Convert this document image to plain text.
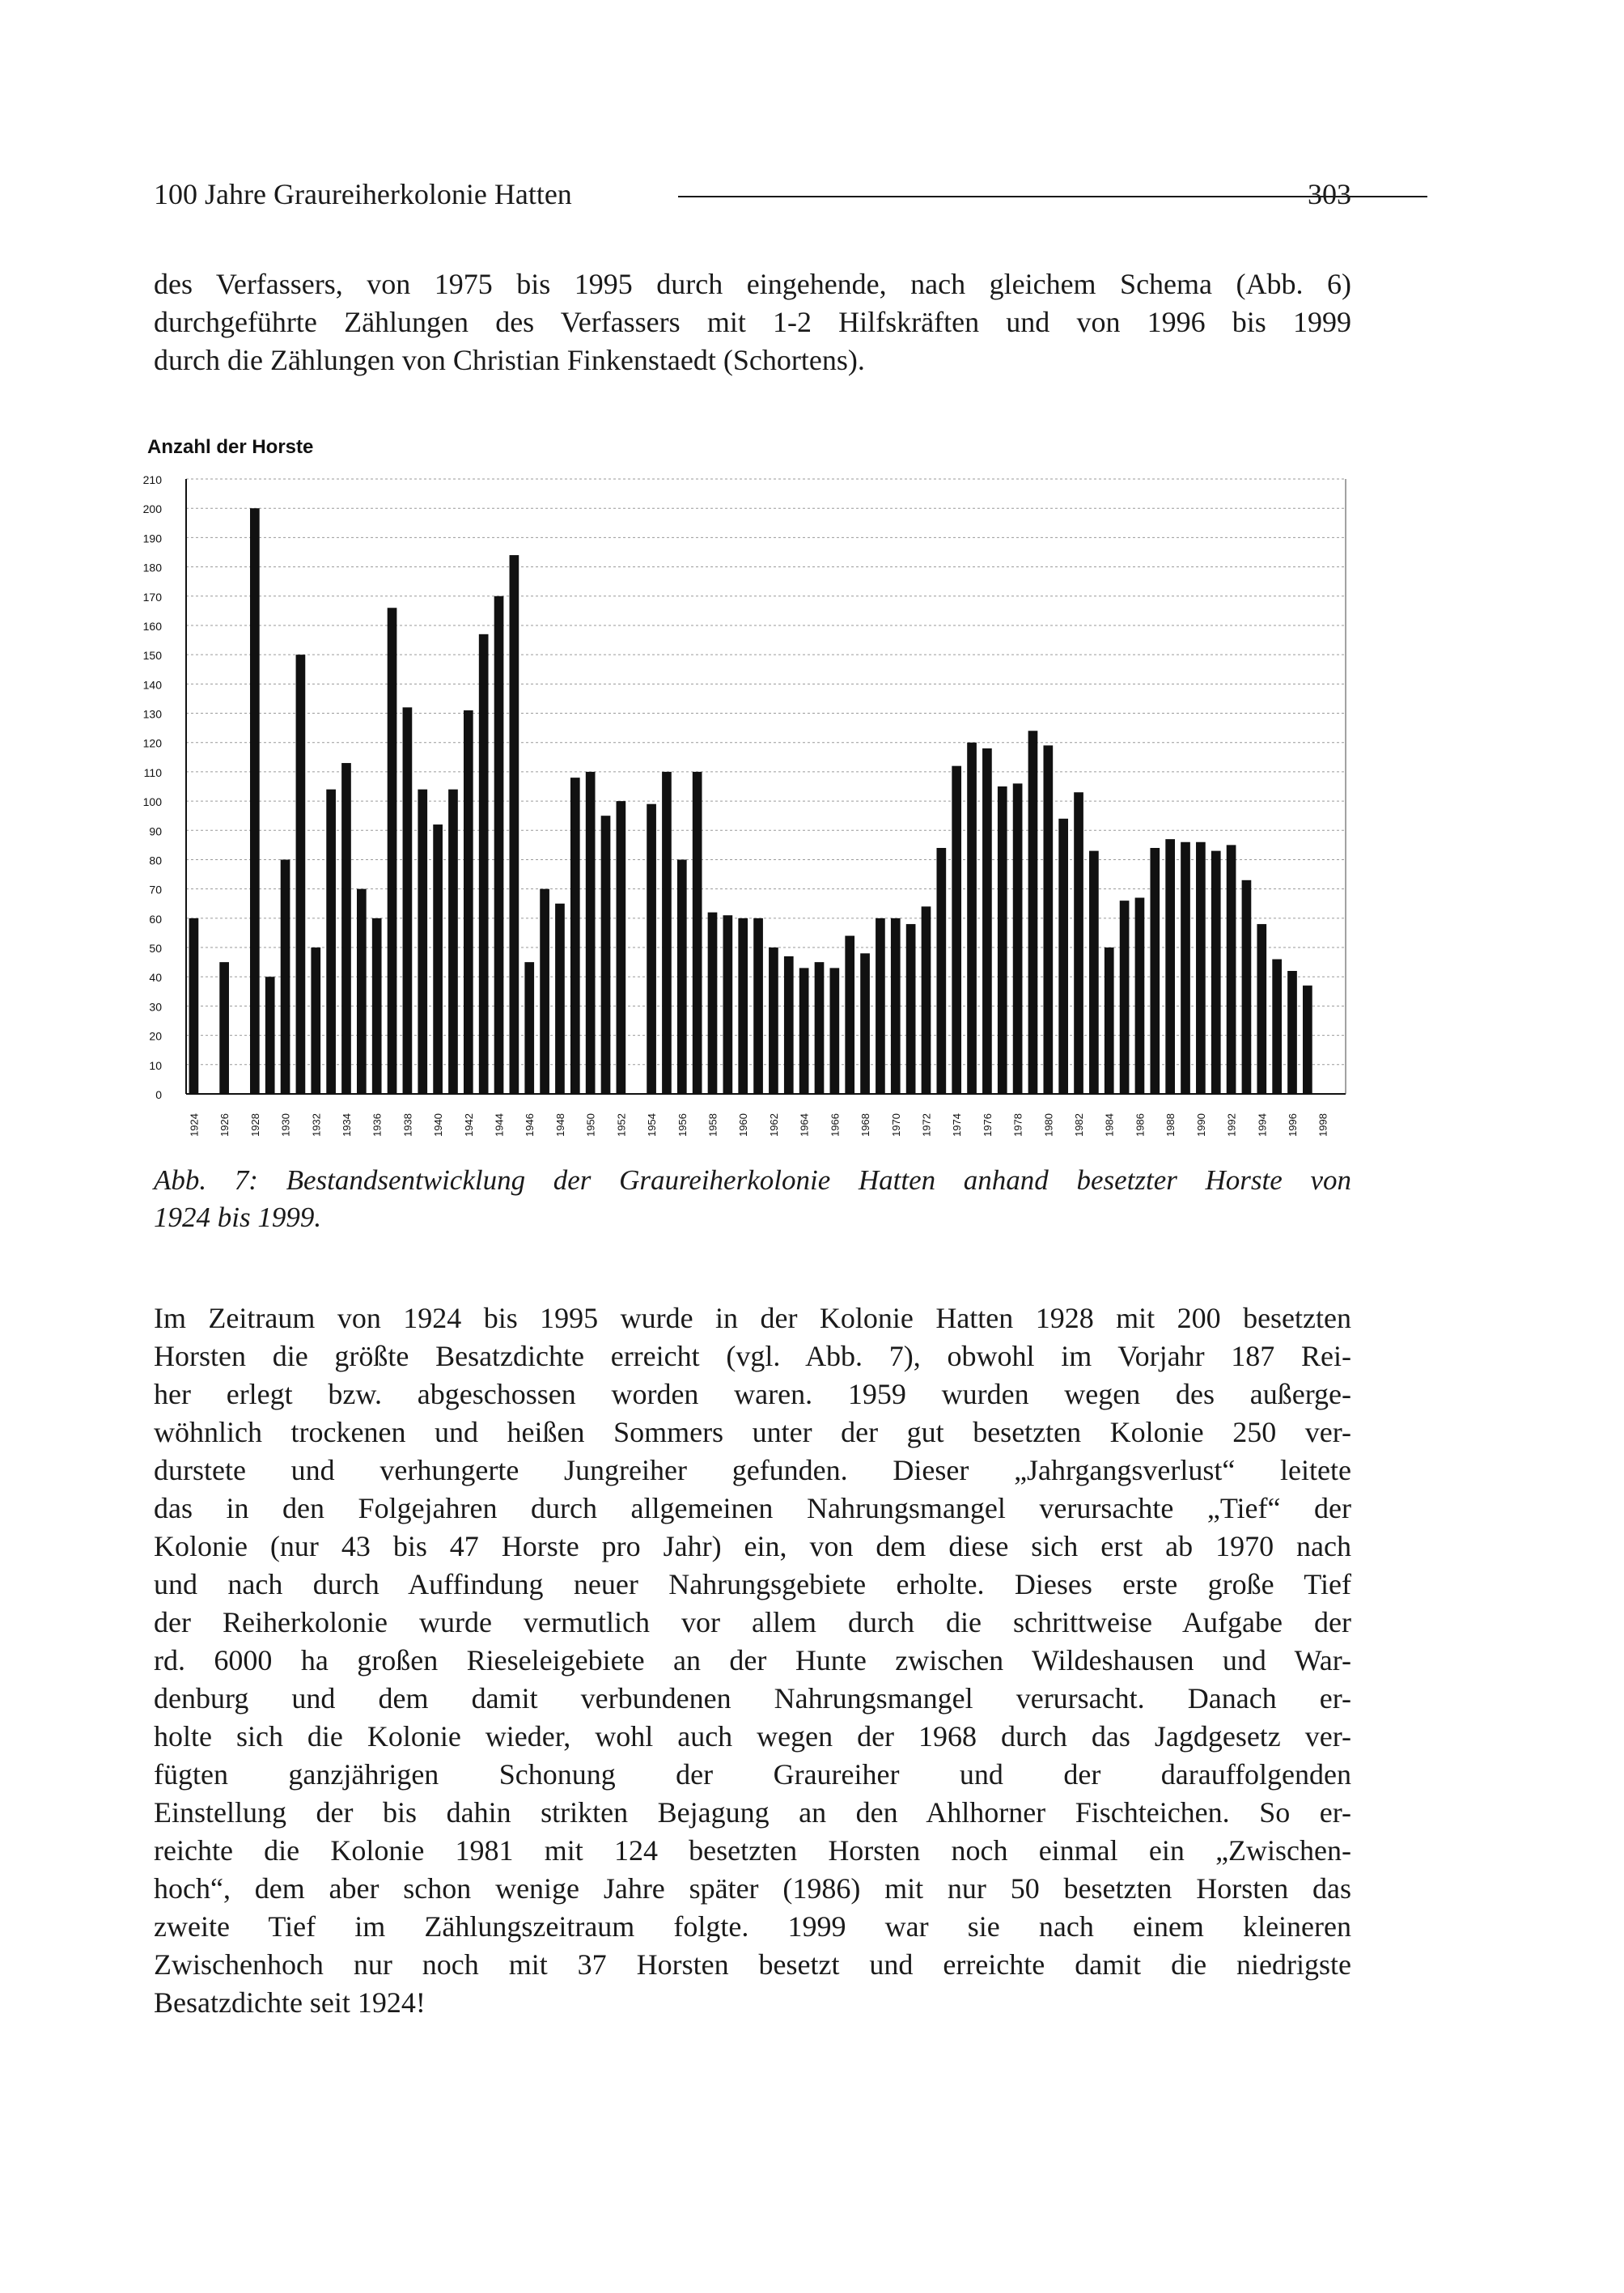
100 Jahre Graureiherkolonie Hatten	303
des Verfassers, von 1975 bis 1995 durch eingehende, nach gleichem Schema (Abb. 6)
durchgeführte Zählungen des Verfassers mit 1-2 Hilfskräften und von 1996 bis 1999
durch die Zählungen von Christian Finkenstaedt (Schortens).
Anzahl der Horste
0
10
20
30
40
50
60
70
80
90
100
110
120
130
140
150
160
170
180
190
200
210
1924 1926 1928 1930 1932 1934 1936 1938 1940 1942 1944 1946 1948 1950 1952 1954 1956 1958 1960 1962 1964 1966 1968 1970 1972 1974 1976 1978 1980 1982 1984 1986 1988 1990 1992 1994 1996 1998
Abb. 7: Bestandsentwicklung der Graureiherkolonie Hatten anhand besetzter Horste von
1924 bis 1999.
Im Zeitraum von 1924 bis 1995 wurde in der Kolonie Hatten 1928 mit 200 besetzten
Horsten die größte Besatzdichte erreicht (vgl. Abb. 7), obwohl im Vorjahr 187 Rei-
her erlegt bzw. abgeschossen worden waren. 1959 wurden wegen des außerge-
wöhnlich trockenen und heißen Sommers unter der gut besetzten Kolonie 250 ver-
durstete und verhungerte Jungreiher gefunden. Dieser „Jahrgangsverlust“ leitete
das in den Folgejahren durch allgemeinen Nahrungsmangel verursachte „Tief“ der
Kolonie (nur 43 bis 47 Horste pro Jahr) ein, von dem diese sich erst ab 1970 nach
und nach durch Auffindung neuer Nahrungsgebiete erholte. Dieses erste große Tief
der Reiherkolonie wurde vermutlich vor allem durch die schrittweise Aufgabe der
rd. 6000 ha großen Rieseleigebiete an der Hunte zwischen Wildeshausen und War-
denburg und dem damit verbundenen Nahrungsmangel verursacht. Danach er-
holte sich die Kolonie wieder, wohl auch wegen der 1968 durch das Jagdgesetz ver-
fügten ganzjährigen Schonung der Graureiher und der darauffolgenden
Einstellung der bis dahin strikten Bejagung an den Ahlhorner Fischteichen. So er-
reichte die Kolonie 1981 mit 124 besetzten Horsten noch einmal ein „Zwischen-
hoch“, dem aber schon wenige Jahre später (1986) mit nur 50 besetzten Horsten das
zweite Tief im Zählungszeitraum folgte. 1999 war sie nach einem kleineren
Zwischenhoch nur noch mit 37 Horsten besetzt und erreichte damit die niedrigste
Besatzdichte seit 1924!
